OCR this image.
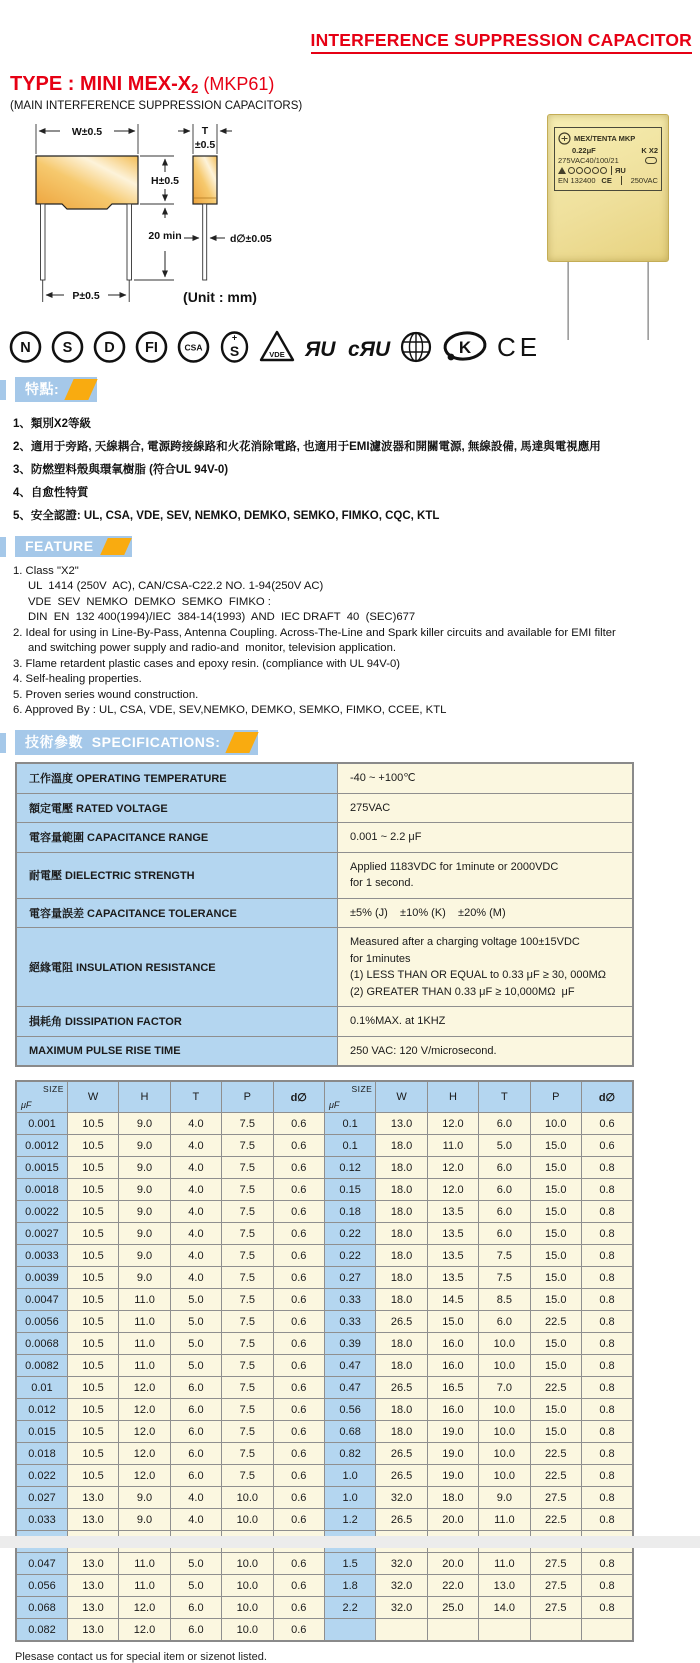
INTERFERENCE SUPPRESSION CAPACITOR
TYPE : MINI MEX-X2 (MKP61)
(MAIN INTERFERENCE SUPPRESSION CAPACITORS)
W±0.5
H±0.5
20 min
P±0.5
T
±0.5
d∅±0.05
(Unit : mm)
MEX/TENTA MKP
0.22μF	K X2
275VAC40/100/21
ЯU
EN 132400 CE	250VAC
N S D FI	CSA
+
S	VDE ЯU cЯU	K CE
特點:
1、類別X2等級
2、適用于旁路, 天線耦合, 電源跨接線路和火花消除電路, 也適用于EMI濾波器和開關電源, 無線設備, 馬達與電視應用
3、防燃塑料殼與環氧樹脂 (符合UL 94V-0)
4、自愈性特質
5、安全認證: UL, CSA, VDE, SEV, NEMKO, DEMKO, SEMKO, FIMKO, CQC, KTL
FEATURE
1. Class "X2"
UL  1414 (250V  AC), CAN/CSA-C22.2 NO. 1-94(250V AC)
VDE  SEV  NEMKO  DEMKO  SEMKO  FIMKO :
DIN  EN  132 400(1994)/IEC  384-14(1993)  AND  IEC DRAFT  40  (SEC)677
2. Ideal for using in Line-By-Pass, Antenna Coupling. Across-The-Line and Spark killer circuits and available for EMI filter
and switching power supply and radio-and  monitor, television application.
3. Flame retardent plastic cases and epoxy resin. (compliance with UL 94V-0)
4. Self-healing properties.
5. Proven series wound construction.
6. Approved By : UL, CSA, VDE, SEV,NEMKO, DEMKO, SEMKO, FIMKO, CCEE, KTL
技術參數 SPECIFICATIONS:
工作溫度 OPERATING TEMPERATURE	-40 ~ +100℃

額定電壓 RATED VOLTAGE	275VAC

電容量範圍 CAPACITANCE RANGE	0.001 ~ 2.2 μF

耐電壓 DIELECTRIC STRENGTH	Applied 1183VDC for 1minute or 2000VDC
for 1 second.

電容量誤差 CAPACITANCE TOLERANCE	±5% (J)    ±10% (K)    ±20% (M)

絕緣電阻 INSULATION RESISTANCE	Measured after a charging voltage 100±15VDC
for 1minutes
(1) LESS THAN OR EQUAL to 0.33 μF ≥ 30, 000MΩ
(2) GREATER THAN 0.33 μF ≥ 10,000MΩ  μF

損耗角 DISSIPATION FACTOR	0.1%MAX. at 1KHZ

MAXIMUM PULSE RISE TIME	250 VAC: 120 V/microsecond.
SIZE
μF	W	H	T	P	d∅	SIZE
μF	W	H	T	P	d∅
0.001	10.5	9.0	4.0	7.5	0.6	0.1	13.0	12.0	6.0	10.0	0.6
0.0012	10.5	9.0	4.0	7.5	0.6	0.1	18.0	11.0	5.0	15.0	0.6
0.0015	10.5	9.0	4.0	7.5	0.6	0.12	18.0	12.0	6.0	15.0	0.8
0.0018	10.5	9.0	4.0	7.5	0.6	0.15	18.0	12.0	6.0	15.0	0.8
0.0022	10.5	9.0	4.0	7.5	0.6	0.18	18.0	13.5	6.0	15.0	0.8
0.0027	10.5	9.0	4.0	7.5	0.6	0.22	18.0	13.5	6.0	15.0	0.8
0.0033	10.5	9.0	4.0	7.5	0.6	0.22	18.0	13.5	7.5	15.0	0.8
0.0039	10.5	9.0	4.0	7.5	0.6	0.27	18.0	13.5	7.5	15.0	0.8
0.0047	10.5	11.0	5.0	7.5	0.6	0.33	18.0	14.5	8.5	15.0	0.8
0.0056	10.5	11.0	5.0	7.5	0.6	0.33	26.5	15.0	6.0	22.5	0.8
0.0068	10.5	11.0	5.0	7.5	0.6	0.39	18.0	16.0	10.0	15.0	0.8
0.0082	10.5	11.0	5.0	7.5	0.6	0.47	18.0	16.0	10.0	15.0	0.8
0.01	10.5	12.0	6.0	7.5	0.6	0.47	26.5	16.5	7.0	22.5	0.8
0.012	10.5	12.0	6.0	7.5	0.6	0.56	18.0	16.0	10.0	15.0	0.8
0.015	10.5	12.0	6.0	7.5	0.6	0.68	18.0	19.0	10.0	15.0	0.8
0.018	10.5	12.0	6.0	7.5	0.6	0.82	26.5	19.0	10.0	22.5	0.8
0.022	10.5	12.0	6.0	7.5	0.6	1.0	26.5	19.0	10.0	22.5	0.8
0.027	13.0	9.0	4.0	10.0	0.6	1.0	32.0	18.0	9.0	27.5	0.8
0.033	13.0	9.0	4.0	10.0	0.6	1.2	26.5	20.0	11.0	22.5	0.8

0.047	13.0	11.0	5.0	10.0	0.6	1.5	32.0	20.0	11.0	27.5	0.8
0.056	13.0	11.0	5.0	10.0	0.6	1.8	32.0	22.0	13.0	27.5	0.8
0.068	13.0	12.0	6.0	10.0	0.6	2.2	32.0	25.0	14.0	27.5	0.8
0.082	13.0	12.0	6.0	10.0	0.6						
Plesase contact us for special item or sizenot listed.
